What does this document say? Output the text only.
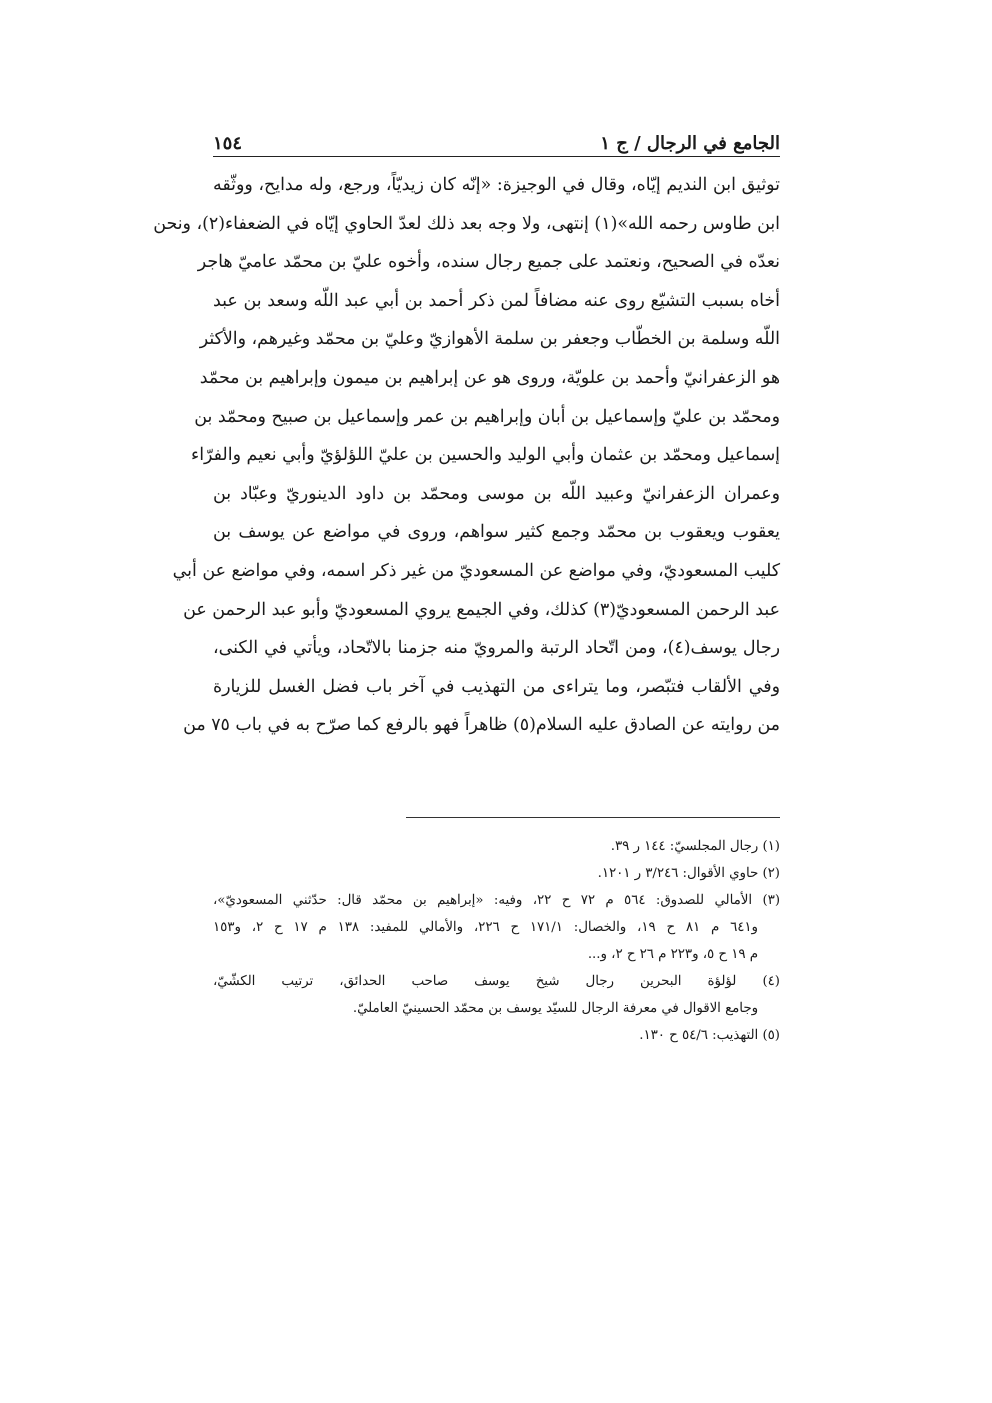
الجامع في الرجال / ج ١
١٥٤
توثيق ابن النديم إيّاه، وقال في الوجيزة: «إنّه كان زيديّاً، ورجع، وله مدايح، ووثّقه
ابن طاوس رحمه الله»(١) إنتهى، ولا وجه بعد ذلك لعدّ الحاوي إيّاه في الضعفاء(٢)، ونحن
نعدّه في الصحيح، ونعتمد على جميع رجال سنده، وأخوه عليّ بن محمّد عاميّ هاجر
أخاه بسبب التشيّع روى عنه مضافاً لمن ذكر أحمد بن أبي عبد اللّه وسعد بن عبد
اللّه وسلمة بن الخطّاب وجعفر بن سلمة الأهوازيّ وعليّ بن محمّد وغيرهم، والأكثر
هو الزعفرانيّ وأحمد بن علويّة، وروى هو عن إبراهيم بن ميمون وإبراهيم بن محمّد
ومحمّد بن عليّ وإسماعيل بن أبان وإبراهيم بن عمر وإسماعيل بن صبيح ومحمّد بن
إسماعيل ومحمّد بن عثمان وأبي الوليد والحسين بن عليّ اللؤلؤيّ وأبي نعيم والفرّاء
وعمران الزعفرانيّ وعبيد اللّه بن موسى ومحمّد بن داود الدينوريّ وعبّاد بن
يعقوب ويعقوب بن محمّد وجمع كثير سواهم، وروى في مواضع عن يوسف بن
كليب المسعوديّ، وفي مواضع عن المسعوديّ من غير ذكر اسمه، وفي مواضع عن أبي
عبد الرحمن المسعوديّ(٣) كذلك، وفي الجيمع يروي المسعوديّ وأبو عبد الرحمن عن
رجال يوسف(٤)، ومن اتّحاد الرتبة والمرويّ منه جزمنا بالاتّحاد، ويأتي في الكنى،
وفي الألقاب فتبّصر، وما يتراءى من التهذيب في آخر باب فضل الغسل للزيارة
من روايته عن الصادق عليه السلام(٥) ظاهراً فهو بالرفع كما صرّح به في باب ٧٥ من
(١) رجال المجلسيّ: ١٤٤ ر ٣٩.
(٢) حاوي الأقوال: ٣/٢٤٦ ر ١٢٠١.
(٣) الأمالي للصدوق: ٥٦٤ م ٧٢ ح ٢٢، وفيه: «إبراهيم بن محمّد قال: حدّثني المسعوديّ»،
و٦٤١ م ٨١ ح ١٩، والخصال: ١٧١/١ ح ٢٢٦، والأمالي للمفيد: ١٣٨ م ١٧ ح ٢، و١٥٣
م ١٩ ح ٥، و٢٢٣ م ٢٦ ح ٢، و...
(٤) لؤلؤة البحرين رجال شيخ يوسف صاحب الحدائق، ترتيب الكشّيّ،
وجامع الاقوال في معرفة الرجال للسيّد يوسف بن محمّد الحسينيّ العامليّ.
(٥) التهذيب: ٥٤/٦ ح ١٣٠.
